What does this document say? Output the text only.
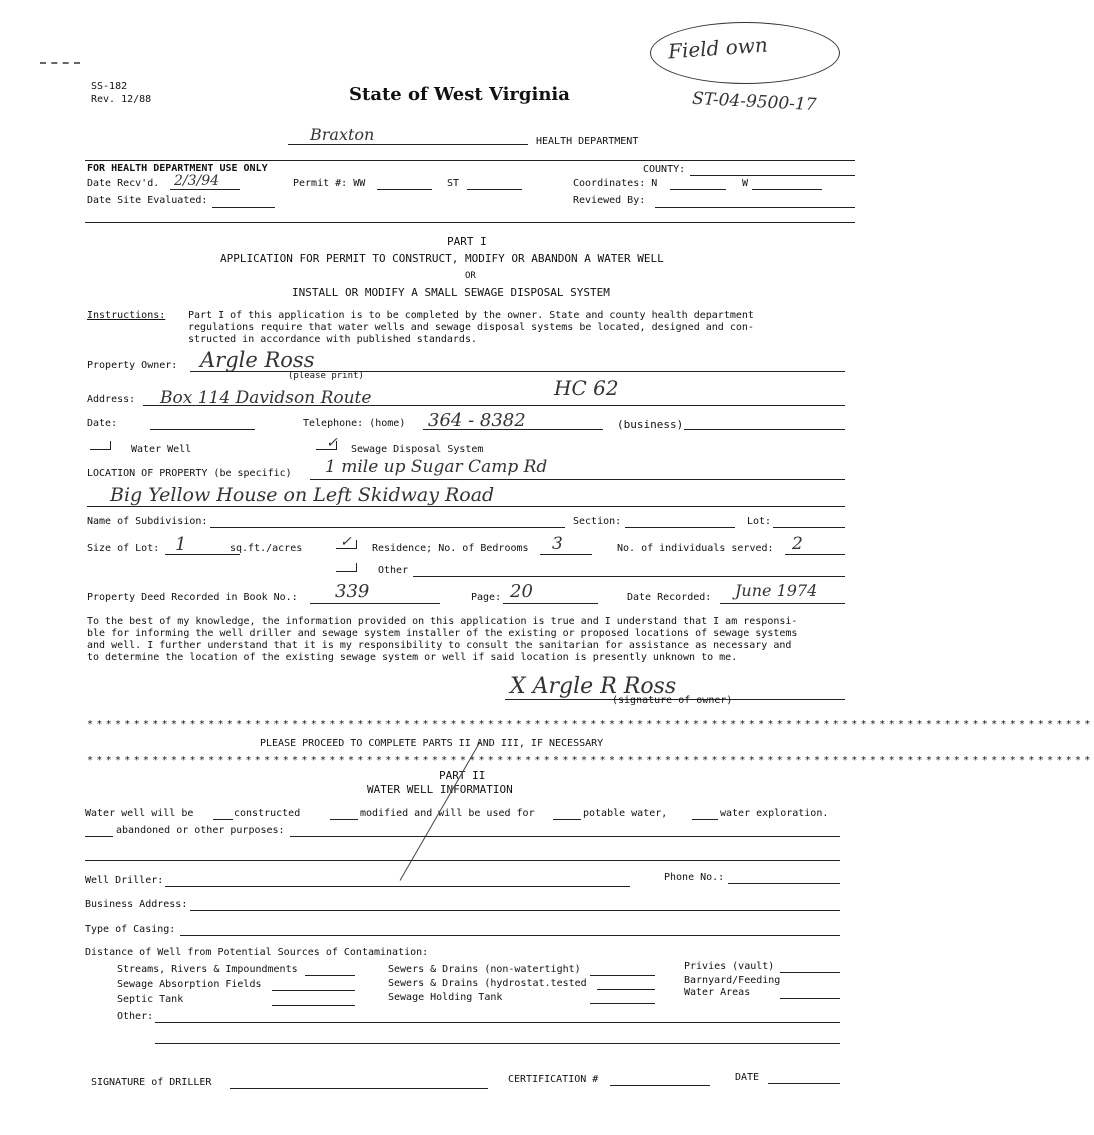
SS-182
Rev. 12/88	State of West Virginia
Field own
ST-04-9500-17
Braxton	HEALTH DEPARTMENT
FOR HEALTH DEPARTMENT USE ONLY
Date Recv'd. 2/3/94	Permit #: WW	ST
COUNTY:
Coordinates: N	W
Date Site Evaluated:	Reviewed By:
PART I
APPLICATION FOR PERMIT TO CONSTRUCT, MODIFY OR ABANDON A WATER WELL
OR
INSTALL OR MODIFY A SMALL SEWAGE DISPOSAL SYSTEM
Instructions: Part I of this application is to be completed by the owner. State and county health department
regulations require that water wells and sewage disposal systems be located, designed and con-
structed in accordance with published standards.
Property Owner: Argle Ross
(please print)
Address: Box 114 Davidson Route	HC 62
Date:	Telephone: (home) 364 - 8382	(business)
Water Well	✓ Sewage Disposal System
LOCATION OF PROPERTY (be specific) 1 mile up Sugar Camp Rd
Big Yellow House on Left Skidway Road
Name of Subdivision:	Section:	Lot:
Size of Lot: 1	sq.ft./acres	✓ Residence; No. of Bedrooms 3	No. of individuals served: 2
Other
Property Deed Recorded in Book No.: 339	Page: 20	Date Recorded: June 1974
To the best of my knowledge, the information provided on this application is true and I understand that I am responsi-
ble for informing the well driller and sewage system installer of the existing or proposed locations of sewage systems
and well. I further understand that it is my responsibility to consult the sanitarian for assistance as necessary and
to determine the location of the existing sewage system or well if said location is presently unknown to me.
X Argle R Ross
(signature of owner)
************************************************************************************************************
PLEASE PROCEED TO COMPLETE PARTS II AND III, IF NECESSARY
************************************************************************************************************
PART II
WATER WELL INFORMATION
Water well will be	constructed	modified and will be used for	potable water,	water exploration.
abandoned or other purposes:
Well Driller:	Phone No.:
Business Address:
Type of Casing:
Distance of Well from Potential Sources of Contamination:
Streams, Rivers & Impoundments
Sewage Absorption Fields
Septic Tank
Other:
Sewers & Drains (non-watertight)
Sewers & Drains (hydrostat.tested
Sewage Holding Tank
Privies (vault)
Barnyard/Feeding
Water Areas
SIGNATURE of DRILLER	CERTIFICATION #	DATE
